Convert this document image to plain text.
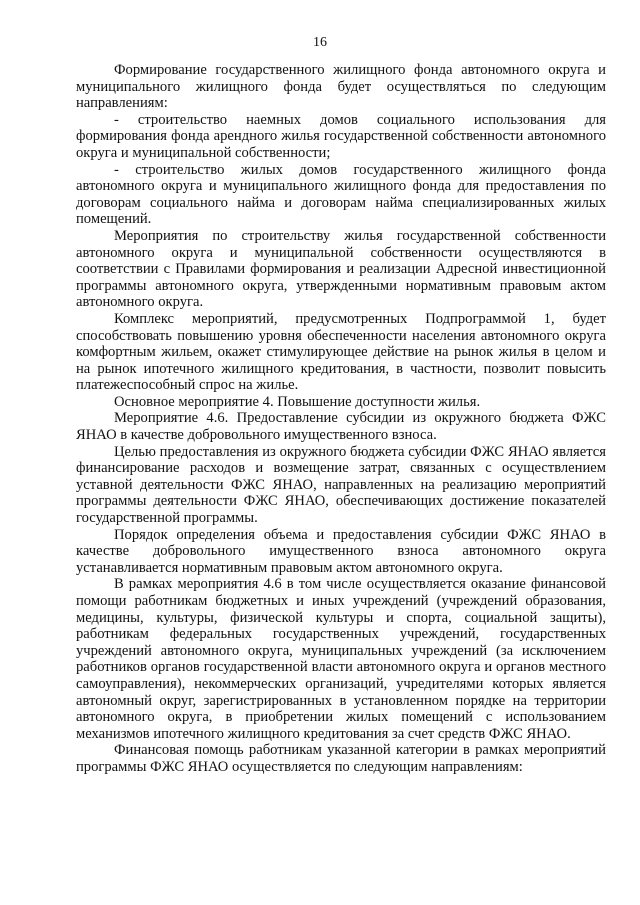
16

Формирование государственного жилищного фонда автономного округа и муниципального жилищного фонда будет осуществляться по следующим направлениям:

- строительство наемных домов социального использования для формирования фонда арендного жилья государственной собственности автономного округа и муниципальной собственности;

- строительство жилых домов государственного жилищного фонда автономного округа и муниципального жилищного фонда для предоставления по договорам социального найма и договорам найма специализированных жилых помещений.

Мероприятия по строительству жилья государственной собственности автономного округа и муниципальной собственности осуществляются в соответствии с Правилами формирования и реализации Адресной инвестиционной программы автономного округа, утвержденными нормативным правовым актом автономного округа.

Комплекс мероприятий, предусмотренных Подпрограммой 1, будет способствовать повышению уровня обеспеченности населения автономного округа комфортным жильем, окажет стимулирующее действие на рынок жилья в целом и на рынок ипотечного жилищного кредитования, в частности, позволит повысить платежеспособный спрос на жилье.

Основное мероприятие 4. Повышение доступности жилья.

Мероприятие 4.6. Предоставление субсидии из окружного бюджета ФЖС ЯНАО в качестве добровольного имущественного взноса.

Целью предоставления из окружного бюджета субсидии ФЖС ЯНАО является финансирование расходов и возмещение затрат, связанных с осуществлением уставной деятельности ФЖС ЯНАО, направленных на реализацию мероприятий программы деятельности ФЖС ЯНАО, обеспечивающих достижение показателей государственной программы.

Порядок определения объема и предоставления субсидии ФЖС ЯНАО в качестве добровольного имущественного взноса автономного округа устанавливается нормативным правовым актом автономного округа.

В рамках мероприятия 4.6 в том числе осуществляется оказание финансовой помощи работникам бюджетных и иных учреждений (учреждений образования, медицины, культуры, физической культуры и спорта, социальной защиты), работникам федеральных государственных учреждений, государственных учреждений автономного округа, муниципальных учреждений (за исключением работников органов государственной власти автономного округа и органов местного самоуправления), некоммерческих организаций, учредителями которых является автономный округ, зарегистрированных в установленном порядке на территории автономного округа, в приобретении жилых помещений с использованием механизмов ипотечного жилищного кредитования за счет средств ФЖС ЯНАО.

Финансовая помощь работникам указанной категории в рамках мероприятий программы ФЖС ЯНАО осуществляется по следующим направлениям:
